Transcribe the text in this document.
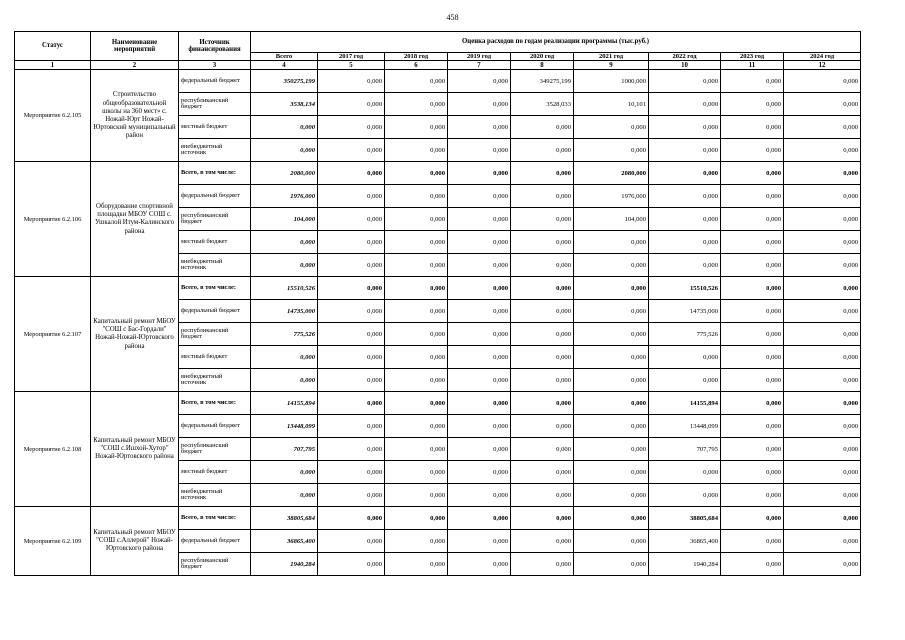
458
Статус	Наименование мероприятий	Источник финансирования	Оценка расходов по годам реализации программы (тыс.руб.)								
			Всего	2017 год	2018 год	2019 год	2020 год	2021 год	2022 год	2023 год	2024 год
1	2	3	4	5	6	7	8	9	10	11	12
Мероприятие 6.2.105	Строительство общеобразовательной школы на 360 мест» с. Ножай-Юрт Ножай-Юртовский муниципальный район	федеральный бюджет	350275,199	0,000	0,000	0,000	349275,199	1000,000	0,000	0,000	0,000
		республиканский бюджет	3538,134	0,000	0,000	0,000	3528,033	10,101	0,000	0,000	0,000
		местный бюджет	0,000	0,000	0,000	0,000	0,000	0,000	0,000	0,000	0,000
		внебюджетный источник	0,000	0,000	0,000	0,000	0,000	0,000	0,000	0,000	0,000
Мероприятие 6.2.106	Оборудование спортивной площадки МБОУ СОШ с. Ушкалой Итум-Калинского района	Всего, в том числе:	2080,000	0,000	0,000	0,000	0,000	2080,000	0,000	0,000	0,000
		федеральный бюджет	1976,000	0,000	0,000	0,000	0,000	1976,000	0,000	0,000	0,000
		республиканский бюджет	104,000	0,000	0,000	0,000	0,000	104,000	0,000	0,000	0,000
		местный бюджет	0,000	0,000	0,000	0,000	0,000	0,000	0,000	0,000	0,000
		внебюджетный источник	0,000	0,000	0,000	0,000	0,000	0,000	0,000	0,000	0,000
Мероприятие 6.2.107	Капитальный ремонт МБОУ "СОШ с Бас-Гордали" Ножай-Ножай-Юртовского района	Всего, в том числе:	15510,526	0,000	0,000	0,000	0,000	0,000	15510,526	0,000	0,000
		федеральный бюджет	14735,000	0,000	0,000	0,000	0,000	0,000	14735,000	0,000	0,000
		республиканский бюджет	775,526	0,000	0,000	0,000	0,000	0,000	775,526	0,000	0,000
		местный бюджет	0,000	0,000	0,000	0,000	0,000	0,000	0,000	0,000	0,000
		внебюджетный источник	0,000	0,000	0,000	0,000	0,000	0,000	0,000	0,000	0,000
Мероприятие 6.2.108	Капитальный ремонт МБОУ "СОШ с.Ишхой-Хутор" Ножай-Юртовского района	Всего, в том числе:	14155,894	0,000	0,000	0,000	0,000	0,000	14155,894	0,000	0,000
		федеральный бюджет	13448,099	0,000	0,000	0,000	0,000	0,000	13448,099	0,000	0,000
		республиканский бюджет	707,795	0,000	0,000	0,000	0,000	0,000	707,795	0,000	0,000
		местный бюджет	0,000	0,000	0,000	0,000	0,000	0,000	0,000	0,000	0,000
		внебюджетный источник	0,000	0,000	0,000	0,000	0,000	0,000	0,000	0,000	0,000
Мероприятие 6.2.109	Капитальный ремонт МБОУ "СОШ с.Аллерой" Ножай-Юртовского района	Всего, в том числе:	38805,684	0,000	0,000	0,000	0,000	0,000	38805,684	0,000	0,000
		федеральный бюджет	36865,400	0,000	0,000	0,000	0,000	0,000	36865,400	0,000	0,000
		республиканский бюджет	1940,284	0,000	0,000	0,000	0,000	0,000	1940,284	0,000	0,000
